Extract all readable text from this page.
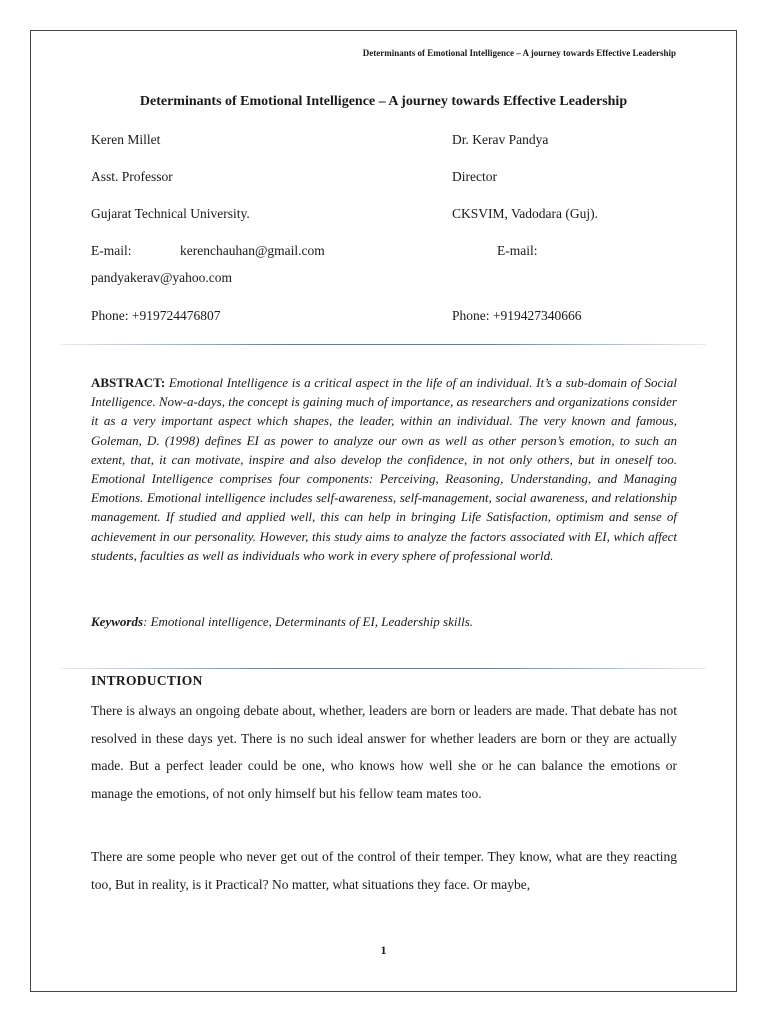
Determinants of Emotional Intelligence – A journey towards Effective Leadership
Determinants of Emotional Intelligence – A journey towards Effective Leadership
Keren Millet
Asst. Professor
Gujarat Technical University.
E-mail:	kerenchauhan@gmail.com
Phone: +919724476807
Dr. Kerav Pandya
Director
CKSVIM, Vadodara (Guj).
E-mail:
pandyakerav@yahoo.com
Phone: +919427340666

ABSTRACT: Emotional Intelligence is a critical aspect in the life of an individual. It’s a sub-domain of Social Intelligence. Now-a-days, the concept is gaining much of importance, as researchers and organizations consider it as a very important aspect which shapes, the leader, within an individual. The very known and famous, Goleman, D. (1998) defines EI as power to analyze our own as well as other person’s emotion, to such an extent, that, it can motivate, inspire and also develop the confidence, in not only others, but in oneself too. Emotional Intelligence comprises four components: Perceiving, Reasoning, Understanding, and Managing Emotions. Emotional intelligence includes self-awareness, self-management, social awareness, and relationship management. If studied and applied well, this can help in bringing Life Satisfaction, optimism and sense of achievement in our personality. However, this study aims to analyze the factors associated with EI, which affect students, faculties as well as individuals who work in every sphere of professional world.

Keywords: Emotional intelligence, Determinants of EI, Leadership skills.

INTRODUCTION

There is always an ongoing debate about, whether, leaders are born or leaders are made. That debate has not resolved in these days yet. There is no such ideal answer for whether leaders are born or they are actually made. But a perfect leader could be one, who knows how well she or he can balance the emotions or manage the emotions, of not only himself but his fellow team mates too.

There are some people who never get out of the control of their temper. They know, what are they reacting too, But in reality, is it Practical? No matter, what situations they face. Or maybe,

1
